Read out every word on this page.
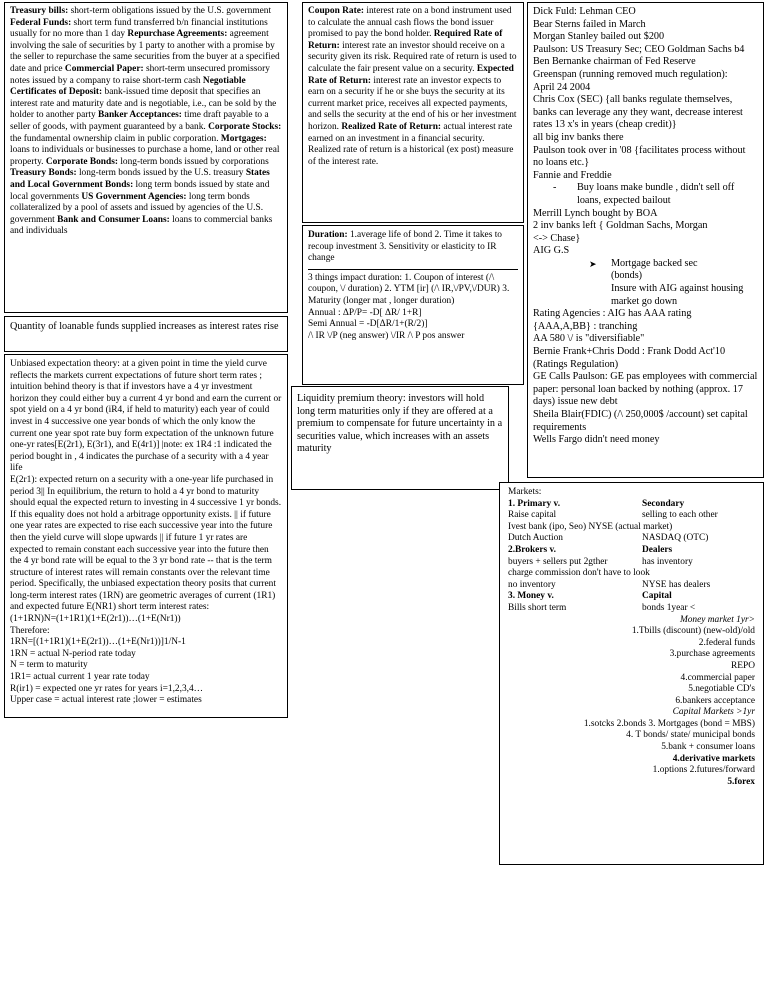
Treasury bills: short-term obligations issued by the U.S. government Federal Funds: short term fund transferred b/n financial institutions usually for no more than 1 day Repurchase Agreements: agreement involving the sale of securities by 1 party to another with a promise by the seller to repurchase the same securities from the buyer at a specified date and price Commercial Paper: short-term unsecured promissory notes issued by a company to raise short-term cash Negotiable Certificates of Deposit: bank-issued time deposit that specifies an interest rate and maturity date and is negotiable, i.e., can be sold by the holder to another party Banker Acceptances: time draft payable to a seller of goods, with payment guaranteed by a bank. Corporate Stocks: the fundamental ownership claim in public corporation. Mortgages: loans to individuals or businesses to purchase a home, land or other real property. Corporate Bonds: long-term bonds issued by corporations Treasury Bonds: long-term bonds issued by the U.S. treasury States and Local Government Bonds: long term bonds issued by state and local governments US Government Agencies: long term bonds collateralized by a pool of assets and issued by agencies of the U.S. government Bank and Consumer Loans: loans to commercial banks and individuals

Quantity of loanable funds supplied increases as interest rates rise

Unbiased expectation theory: at a given point in time the yield curve reflects the markets current expectations of future short term rates ; intuition behind theory is that if investors have a 4 yr investment horizon they could either buy a current 4 yr bond and earn the current or spot yield on a 4 yr bond (iR4, if held to maturity) each year of could invest in 4 successive one year bonds of which the only know the current one year spot rate buy form expectation of the unknown future one-yr rates[E(2r1), E(3r1), and E(4r1)] |note: ex 1R4 :1 indicated the period bought in , 4 indicates the purchase of a security with a 4 year life

E(2r1): expected return on a security with a one-year life purchased in period 3|| In equilibrium, the return to hold a 4 yr bond to maturity should equal the expected return to investing in 4 successive 1 yr bonds. If this equality does not hold a arbitrage opportunity exists. || if future one year rates are expected to rise each successive year into the future then the yield curve will slope upwards || if future 1 yr rates are expected to remain constant each successive year into the future then the 4 yr bond rate will be equal to the 3 yr bond rate -- that is the term structure of interest rates will remain constants over the relevant time period. Specifically, the unbiased expectation theory posits that current long-term interest rates (1RN) are geometric averages of current (1R1) and expected future E(NR1) short term interest rates:

(1+1RN)N=(1+1R1)(1+E(2r1))…(1+E(Nr1))

Therefore:

1RN=[(1+1R1)(1+E(2r1))…(1+E(Nr1))]1/N-1

1RN = actual N-period rate today

N = term to maturity

1R1= actual current 1 year rate today

R(ir1) = expected one yr rates for years i=1,2,3,4…

Upper case = actual interest rate ;lower = estimates

Coupon Rate: interest rate on a bond instrument used to calculate the annual cash flows the bond issuer promised to pay the bond holder. Required Rate of Return: interest rate an investor should receive on a security given its risk. Required rate of return is used to calculate the fair present value on a security. Expected Rate of Return: interest rate an investor expects to earn on a security if he or she buys the security at its current market price, receives all expected payments, and sells the security at the end of his or her investment horizon. Realized Rate of Return: actual interest rate earned on an investment in a financial security. Realized rate of return is a historical (ex post) measure of the interest rate.

Duration: 1.average life of bond 2. Time it takes to recoup investment 3. Sensitivity or elasticity to IR change

3 things impact duration: 1. Coupon of interest (/\ coupon, \/ duration) 2. YTM [ir] (/\ IR,\/PV,\/DUR) 3. Maturity (longer mat , longer duration)

Annual : ΔP/P= -D[ ΔR/ 1+R]

Semi Annual = -D[ΔR/1+(R/2)]

/\ IR \/P (neg answer) \/IR /\ P pos answer

Liquidity premium theory: investors will hold long term maturities only if they are offered at a premium to compensate for future uncertainty in a securities value, which increases with an assets maturity

Dick Fuld: Lehman CEO

Bear Sterns failed in March

Morgan Stanley bailed out $200

Paulson: US Treasury Sec; CEO Goldman Sachs b4

Ben Bernanke chairman of Fed Reserve

Greenspan (running removed much regulation):

April 24 2004

Chris Cox (SEC) {all banks regulate themselves, banks can leverage any they want, decrease interest rates 13 x's in years (cheap credit)}

all big inv banks there

Paulson took over in '08 {facilitates process without no loans etc.}

Fannie and Freddie

-	Buy loans make bundle , didn't sell off

loans, expected bailout

Merrill Lynch bought by BOA

2 inv banks left { Goldman Sachs, Morgan

<-> Chase}

AIG G.S

➤	Mortgage backed sec

(bonds)

Insure with AIG against housing market go down

Rating Agencies : AIG has AAA rating

{AAA,A,BB} : tranching

AA 580 \/ is "diversifiable"

Bernie Frank+Chris Dodd : Frank Dodd Act'10

(Ratings Regulation)

GE Calls Paulson: GE pas employees with commercial paper: personal loan backed by nothing (approx. 17 days) issue new debt

Sheila Blair(FDIC) (/\ 250,000$ /account) set capital requirements

Wells Fargo didn't need money

Markets:

1. Primary v.	Secondary
Raise capital	selling to each other
Ivest bank (ipo, Seo) NYSE (actual market)
Dutch Auction	NASDAQ (OTC)
2.Brokers v.	Dealers
buyers + sellers put 2gther	has inventory
charge commission don't have to look
no inventory	NYSE has dealers
3. Money v.	Capital
Bills short term	bonds 1year <

Money market 1yr>

1.Tbills (discount) (new-old)/old

2.federal funds

3.purchase agreements

REPO

4.commercial paper

5.negotiable CD's

6.bankers acceptance

Capital Markets >1yr

1.sotcks 2.bonds 3. Mortgages (bond = MBS)

4. T bonds/ state/ municipal bonds

5.bank + consumer loans

4.derivative markets

1.options 2.futures/forward

5.forex
